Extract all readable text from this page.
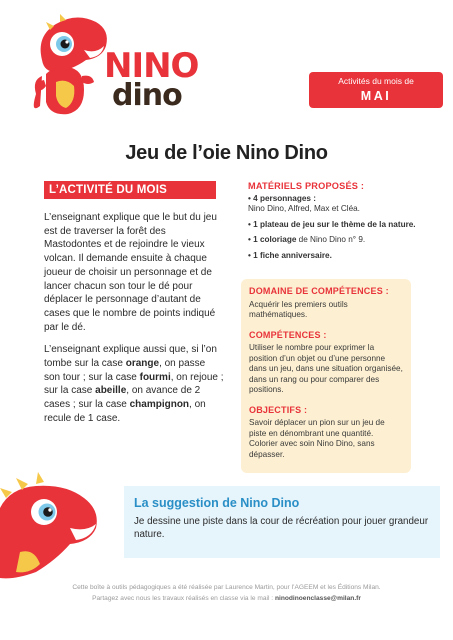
NINO
dino	Activités du mois de
MAI
Jeu de l’oie Nino Dino
L’ACTIVITÉ DU MOIS

L’enseignant explique que le but du jeu est de traverser la forêt des Mastodontes et de rejoindre le vieux volcan. Il demande ensuite à chaque joueur de choisir un personnage et de lancer chacun son tour le dé pour déplacer le personnage d’autant de cases que le nombre de points indiqué par le dé.

L’enseignant explique aussi que, si l’on tombe sur la case orange, on passe son tour ; sur la case fourmi, on rejoue ; sur la case abeille, on avance de 2 cases ; sur la case champignon, on recule de 1 case.

MATÉRIELS PROPOSÉS :
• 4 personnages :
Nino Dino, Alfred, Max et Cléa.
• 1 plateau de jeu sur le thème de la nature.
• 1 coloriage de Nino Dino n° 9.
• 1 fiche anniversaire.
DOMAINE DE COMPÉTENCES :
Acquérir les premiers outils mathématiques.
COMPÉTENCES :
Utiliser le nombre pour exprimer la position d’un objet ou d’une personne dans un jeu, dans une situation organisée, dans un rang ou pour comparer des positions.
OBJECTIFS :
Savoir déplacer un pion sur un jeu de piste en dénombrant une quantité. Colorier avec soin Nino Dino, sans dépasser.
La suggestion de Nino Dino
Je dessine une piste dans la cour de récréation pour jouer grandeur nature.
Cette boîte à outils pédagogiques a été réalisée par Laurence Martin, pour l’AGEEM et les Éditions Milan.
Partagez avec nous les travaux réalisés en classe via le mail : ninodinoenclasse@milan.fr
